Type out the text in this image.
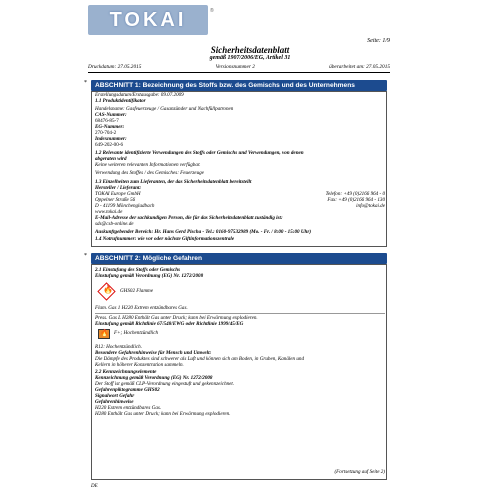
TOKAI	®
Seite: 1/9
Sicherheitsdatenblatt
gemäß 1907/2006/EG, Artikel 31
Druckdatum: 27.05.2015	Versionsnummer 2	überarbeitet am: 27.05.2015
*	ABSCHNITT 1: Bezeichnung des Stoffs bzw. des Gemischs und des Unternehmens
Erstellungsdatum/Erstausgabe: 09.07.2009
1.1 Produktidentifikator
Handelsname: Gasfeuerzeuge / Gasanzünder und Nachfüllpatronen
CAS-Nummer:
68476-85-7
EG-Nummer:
270-704-2
Indexnummer:
649-202-00-6
1.2 Relevante identifizierte Verwendungen des Stoffs oder Gemischs und Verwendungen, von denen
abgeraten wird
Keine weiteren relevanten Informationen verfügbar.
Verwendung des Stoffes / des Gemisches: Feuerzeuge
1.3 Einzelheiten zum Lieferanten, der das Sicherheitsdatenblatt bereitstellt
Hersteller / Lieferant:
TOKAI Europe GmbH
Oppelner Straße 56
D - 41199 Mönchengladbach
www.tokai.de
E-Mail-Adresse der sachkundigen Person, die für das Sicherheitsdatenblatt zuständig ist:
sds@csb-online.de
Auskunftgebender Bereich: Hr. Hans Gerd Pischa - Tel.: 0160-97532989 (Mo. - Fr. / 8:00 - 15:00 Uhr)
1.4 Notrufnummer: wie vor oder nächste Giftinformationszentrale
Telefon: +49 (0)2166 964 - 0
Fax: +49 (0)2166 964 - 130
info@tokai.de
*	ABSCHNITT 2: Mögliche Gefahren
2.1 Einstufung des Stoffs oder Gemischs
Einstufung gemäß Verordnung (EG) Nr. 1272/2008
🔥 GHS02 Flamme
Flam. Gas 1 H220 Extrem entzündbares Gas.
Press. Gas L H280 Enthält Gas unter Druck; kann bei Erwärmung explodieren.
Einstufung gemäß Richtlinie 67/548/EWG oder Richtlinie 1999/45/EG
🔥 F+; Hochentzündlich
R12: Hochentzündlich.
Besondere Gefahrenhinweise für Mensch und Umwelt:
Die Dämpfe des Produktes sind schwerer als Luft und können sich am Boden, in Gruben, Kanälen und
Kellern in höherer Konzentration sammeln.
2.2 Kennzeichnungselemente
Kennzeichnung gemäß Verordnung (EG) Nr. 1272/2008
Der Stoff ist gemäß CLP-Verordnung eingestuft und gekennzeichnet.
Gefahrenpiktogramme GHS02
Signalwort Gefahr
Gefahrenhinweise
H220 Extrem entzündbares Gas.
H280 Enthält Gas unter Druck; kann bei Erwärmung explodieren.
(Fortsetzung auf Seite 2)
DE
